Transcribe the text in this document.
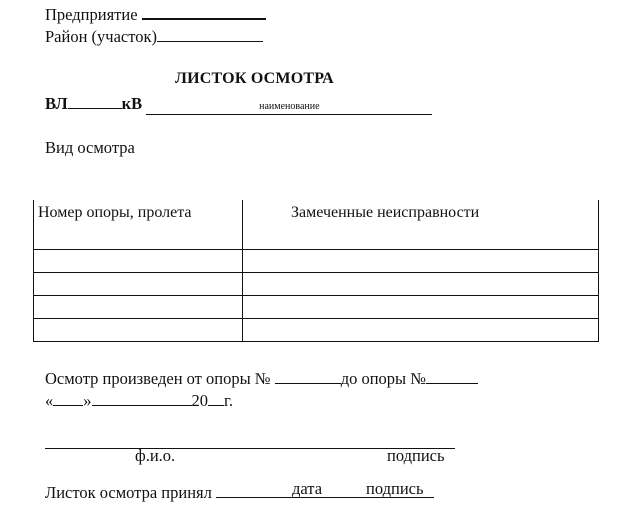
Предприятие
Район (участок)
ЛИСТОК ОСМОТРА
ВЛ	кВ	наименование
Вид осмотра
Номер опоры, пролета	Замеченные неисправности

Осмотр произведен от опоры №	до опоры №
« »	20 г.
ф.и.о.	подпись
Листок осмотра принял	дата	подпись
